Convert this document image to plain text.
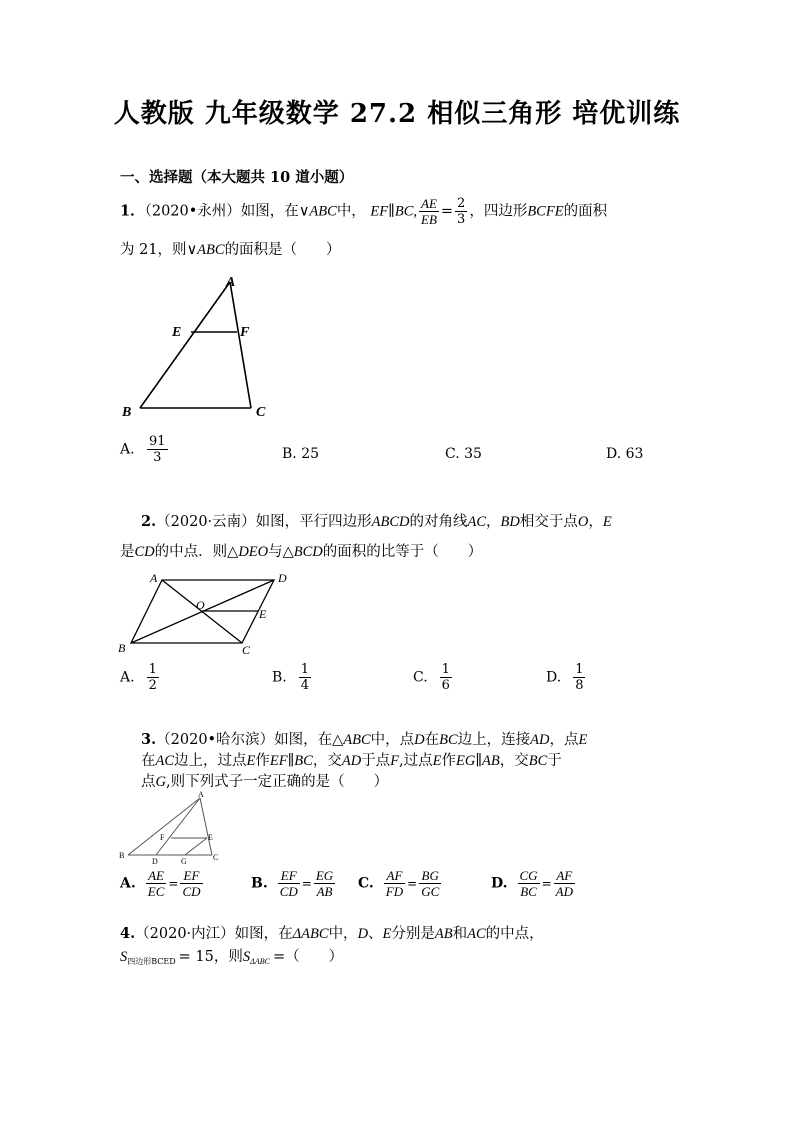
人教版 九年级数学 27.2 相似三角形 培优训练
一、选择题（本大题共 10 道小题）
1．（2020•永州）如图，在∨ABC中， EF∥BC, $\frac{AE}{EB} = \frac{2}{3}$ ，四边形BCFE的面积
为 21，则∨ABC的面积是（　　）
A
E	F
B	C
A. $\frac{91}{3}$	B. 25	C. 35	D. 63
2.（2020·云南）如图，平行四边形ABCD的对角线AC，BD相交于点O，E
是CD的中点．则△DEO与△BCD的面积的比等于（　　）
A	D
O
E
B	C
A. $\frac{1}{2}$	B. $\frac{1}{4}$	C. $\frac{1}{6}$	D. $\frac{1}{8}$
3.（2020•哈尔滨）如图，在△ABC中，点D在BC边上，连接AD，点E
在AC边上，过点E作EF∥BC，交AD于点F,过点E作EG∥AB，交BC于
点G,则下列式子一定正确的是（　　）
A
F	E
B
D	G	C
A. $\frac{AE}{EC} = \frac{EF}{CD}$	B. $\frac{EF}{CD} = \frac{EG}{AB} C$. $\frac{AF}{FD} = \frac{BG}{GC}$	D. $\frac{CG}{BC} = \frac{AF}{AD}$
4.（2020·内江）如图，在ΔABC中，D、E分别是AB和AC的中点，
$S_{四边形BCED} = 15$，则$S_{\Delta ABC}$ =（　　）
